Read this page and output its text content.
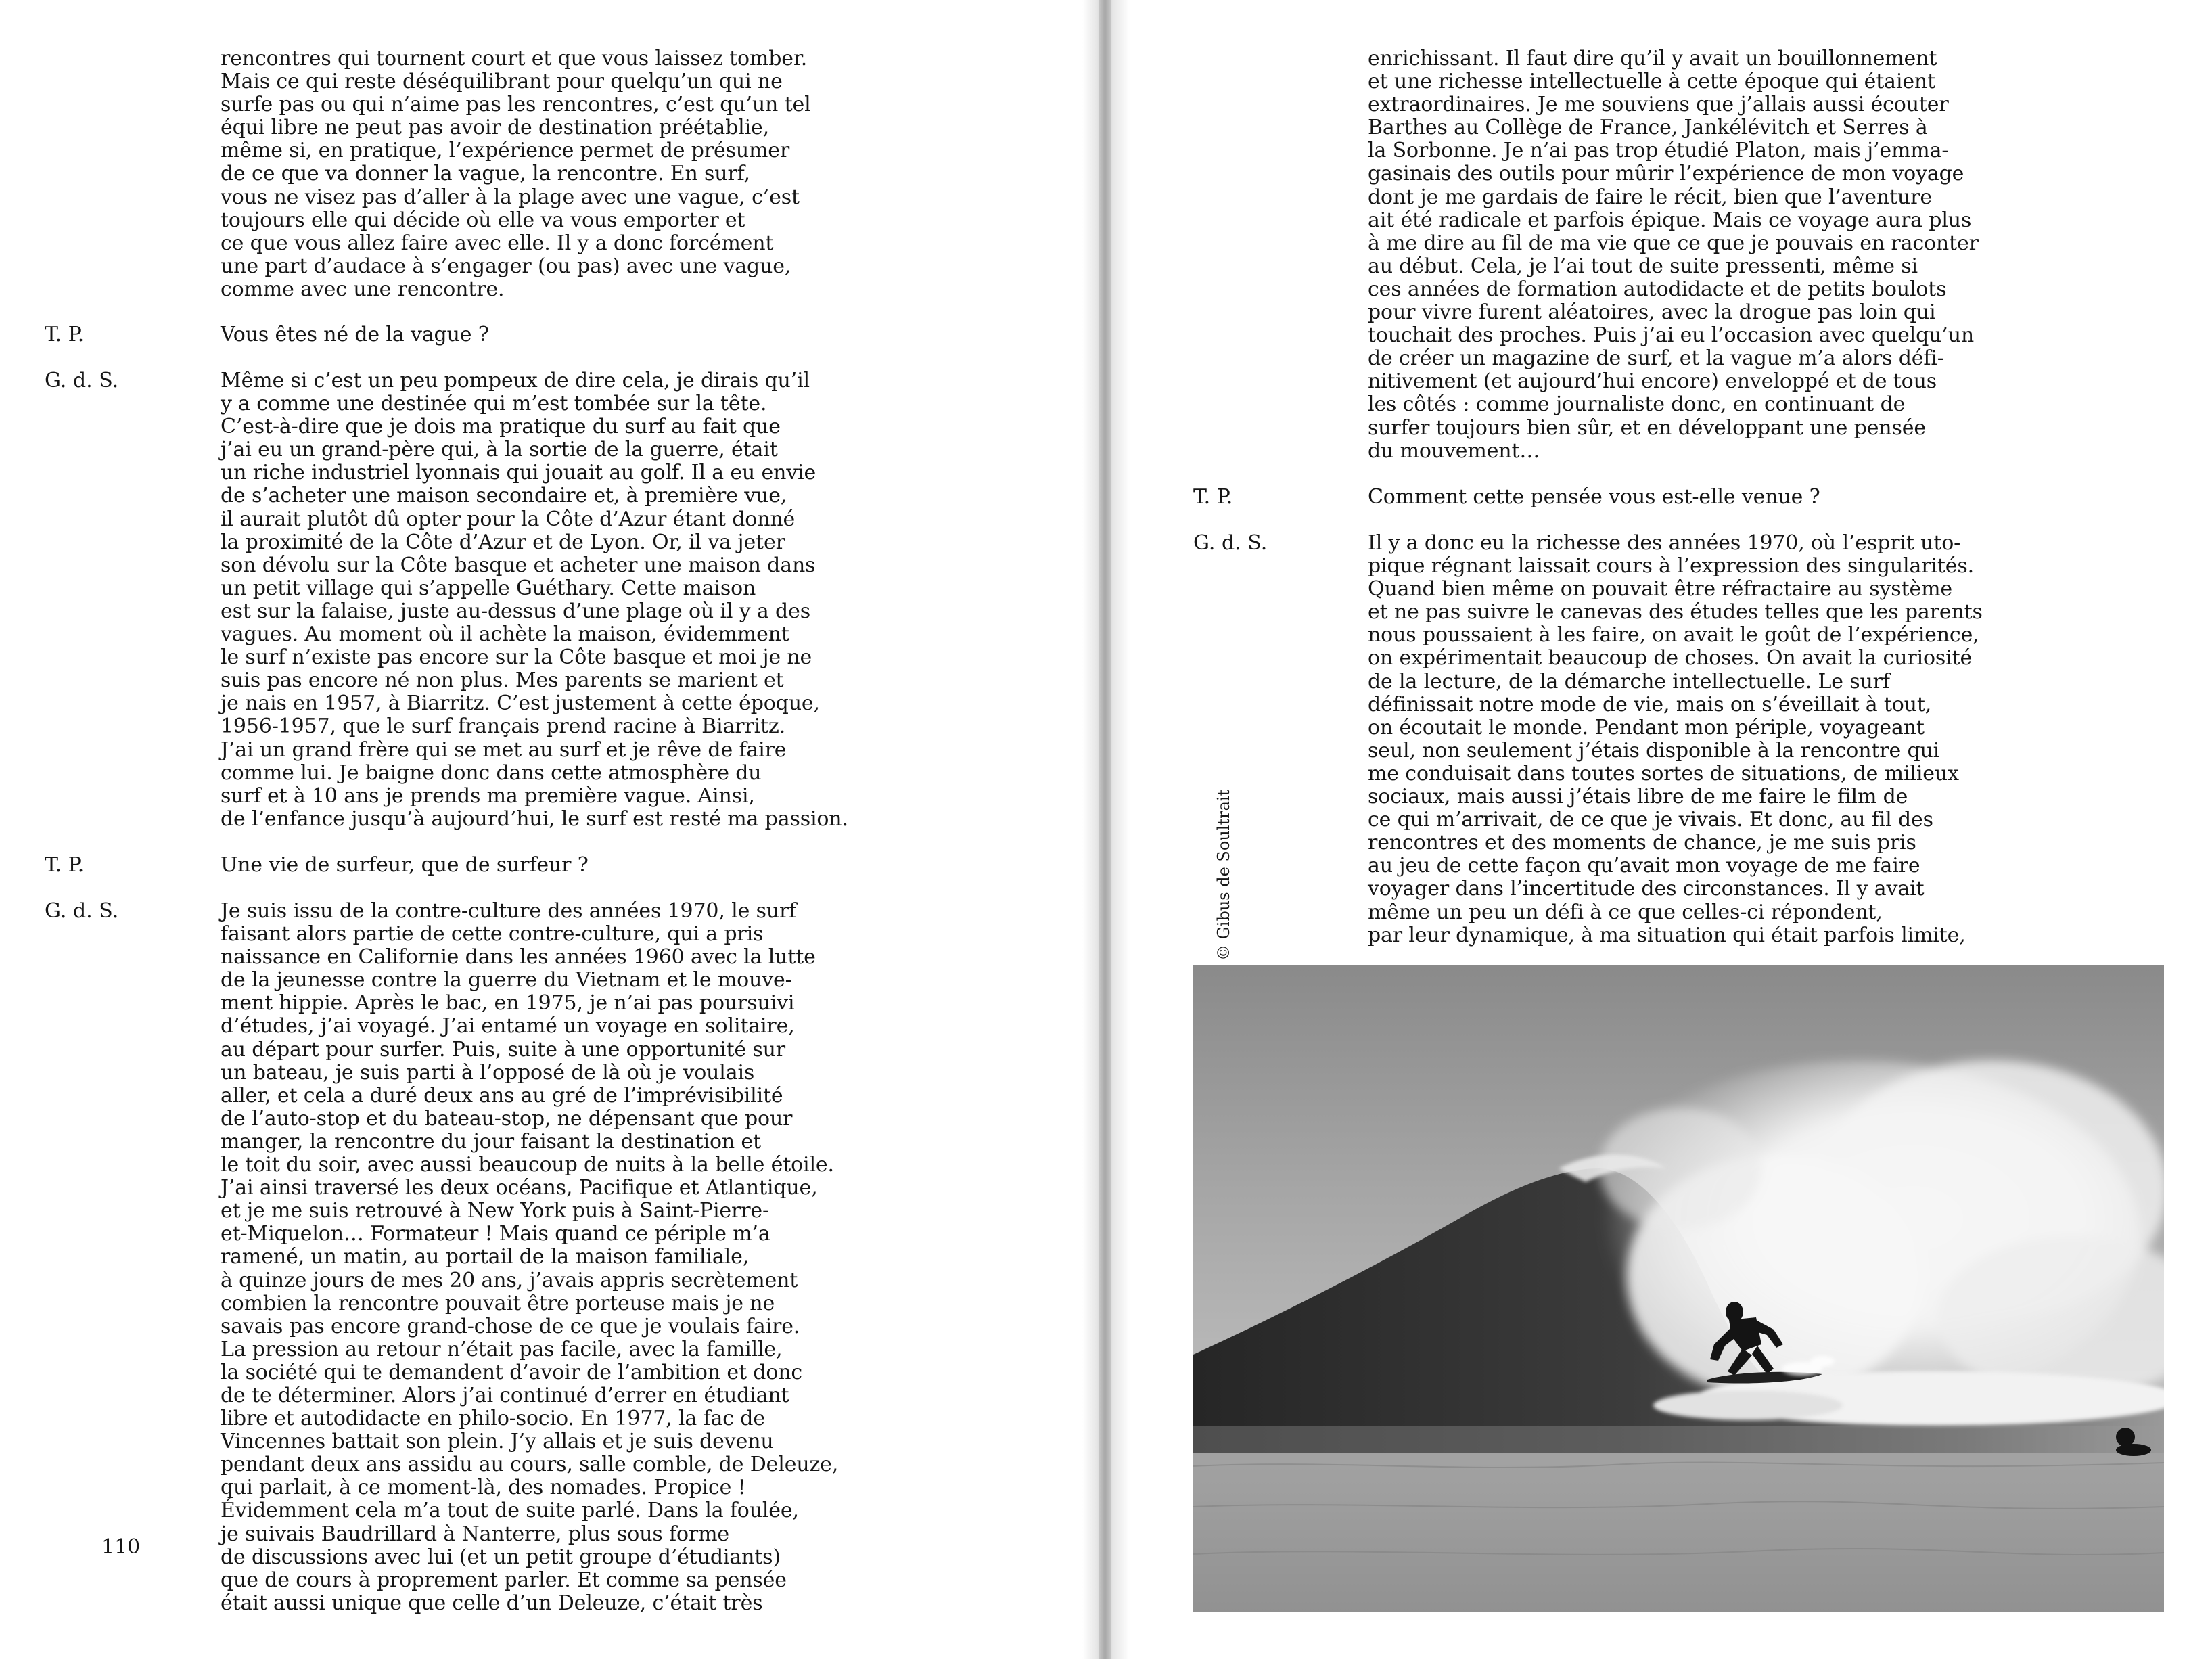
rencontres qui tournent court et que vous laissez tomber.
Mais ce qui reste déséquilibrant pour quelqu’un qui ne
surfe pas ou qui n’aime pas les rencontres, c’est qu’un tel
équi libre ne peut pas avoir de destination préétablie,
même si, en pratique, l’expérience permet de présumer
de ce que va donner la vague, la rencontre. En surf,
vous ne visez pas d’aller à la plage avec une vague, c’est
toujours elle qui décide où elle va vous emporter et
ce que vous allez faire avec elle. Il y a donc forcément
une part d’audace à s’engager (ou pas) avec une vague,
comme avec une rencontre.
T. P.	Vous êtes né de la vague ?
G. d. S.	Même si c’est un peu pompeux de dire cela, je dirais qu’il
y a comme une destinée qui m’est tombée sur la tête.
C’est-à-dire que je dois ma pratique du surf au fait que
j’ai eu un grand-père qui, à la sortie de la guerre, était
un riche industriel lyonnais qui jouait au golf. Il a eu envie
de s’acheter une maison secondaire et, à première vue,
il aurait plutôt dû opter pour la Côte d’Azur étant donné
la proximité de la Côte d’Azur et de Lyon. Or, il va jeter
son dévolu sur la Côte basque et acheter une maison dans
un petit village qui s’appelle Guéthary. Cette maison
est sur la falaise, juste au-dessus d’une plage où il y a des
vagues. Au moment où il achète la maison, évidemment
le surf n’existe pas encore sur la Côte basque et moi je ne
suis pas encore né non plus. Mes parents se marient et
je nais en 1957, à Biarritz. C’est justement à cette époque,
1956-1957, que le surf français prend racine à Biarritz.
J’ai un grand frère qui se met au surf et je rêve de faire
comme lui. Je baigne donc dans cette atmosphère du
surf et à 10 ans je prends ma première vague. Ainsi,
de l’enfance jusqu’à aujourd’hui, le surf est resté ma passion.
T. P.	Une vie de surfeur, que de surfeur ?
G. d. S.	Je suis issu de la contre-culture des années 1970, le surf
faisant alors partie de cette contre-culture, qui a pris
naissance en Californie dans les années 1960 avec la lutte
de la jeunesse contre la guerre du Vietnam et le mouve-
ment hippie. Après le bac, en 1975, je n’ai pas poursuivi
d’études, j’ai voyagé. J’ai entamé un voyage en solitaire,
au départ pour surfer. Puis, suite à une opportunité sur
un bateau, je suis parti à l’opposé de là où je voulais
aller, et cela a duré deux ans au gré de l’imprévisibilité
de l’auto-stop et du bateau-stop, ne dépensant que pour
manger, la rencontre du jour faisant la destination et
le toit du soir, avec aussi beaucoup de nuits à la belle étoile.
J’ai ainsi traversé les deux océans, Pacifique et Atlantique,
et je me suis retrouvé à New York puis à Saint-Pierre-
et-Miquelon… Formateur ! Mais quand ce périple m’a
ramené, un matin, au portail de la maison familiale,
à quinze jours de mes 20 ans, j’avais appris secrètement
combien la rencontre pouvait être porteuse mais je ne
savais pas encore grand-chose de ce que je voulais faire.
La pression au retour n’était pas facile, avec la famille,
la société qui te demandent d’avoir de l’ambition et donc
de te déterminer. Alors j’ai continué d’errer en étudiant
libre et autodidacte en philo-socio. En 1977, la fac de
Vincennes battait son plein. J’y allais et je suis devenu
pendant deux ans assidu au cours, salle comble, de Deleuze,
qui parlait, à ce moment-là, des nomades. Propice !
Évidemment cela m’a tout de suite parlé. Dans la foulée,
je suivais Baudrillard à Nanterre, plus sous forme
de discussions avec lui (et un petit groupe d’étudiants)
que de cours à proprement parler. Et comme sa pensée
était aussi unique que celle d’un Deleuze, c’était très
110
enrichissant. Il faut dire qu’il y avait un bouillonnement
et une richesse intellectuelle à cette époque qui étaient
extraordinaires. Je me souviens que j’allais aussi écouter
Barthes au Collège de France, Jankélévitch et Serres à
la Sorbonne. Je n’ai pas trop étudié Platon, mais j’emma-
gasinais des outils pour mûrir l’expérience de mon voyage
dont je me gardais de faire le récit, bien que l’aventure
ait été radicale et parfois épique. Mais ce voyage aura plus
à me dire au fil de ma vie que ce que je pouvais en raconter
au début. Cela, je l’ai tout de suite pressenti, même si
ces années de formation autodidacte et de petits boulots
pour vivre furent aléatoires, avec la drogue pas loin qui
touchait des proches. Puis j’ai eu l’occasion avec quelqu’un
de créer un magazine de surf, et la vague m’a alors défi-
nitivement (et aujourd’hui encore) enveloppé et de tous
les côtés : comme journaliste donc, en continuant de
surfer toujours bien sûr, et en développant une pensée
du mouvement…
T. P.	Comment cette pensée vous est-elle venue ?
G. d. S.	Il y a donc eu la richesse des années 1970, où l’esprit uto-
pique régnant laissait cours à l’expression des singularités.
Quand bien même on pouvait être réfractaire au système
et ne pas suivre le canevas des études telles que les parents
nous poussaient à les faire, on avait le goût de l’expérience,
on expérimentait beaucoup de choses. On avait la curiosité
de la lecture, de la démarche intellectuelle. Le surf
définissait notre mode de vie, mais on s’éveillait à tout,
on écoutait le monde. Pendant mon périple, voyageant
seul, non seulement j’étais disponible à la rencontre qui
me conduisait dans toutes sortes de situations, de milieux
sociaux, mais aussi j’étais libre de me faire le film de
ce qui m’arrivait, de ce que je vivais. Et donc, au fil des
rencontres et des moments de chance, je me suis pris
au jeu de cette façon qu’avait mon voyage de me faire
voyager dans l’incertitude des circonstances. Il y avait
même un peu un défi à ce que celles-ci répondent,
par leur dynamique, à ma situation qui était parfois limite,
© Gibus de Soultrait
